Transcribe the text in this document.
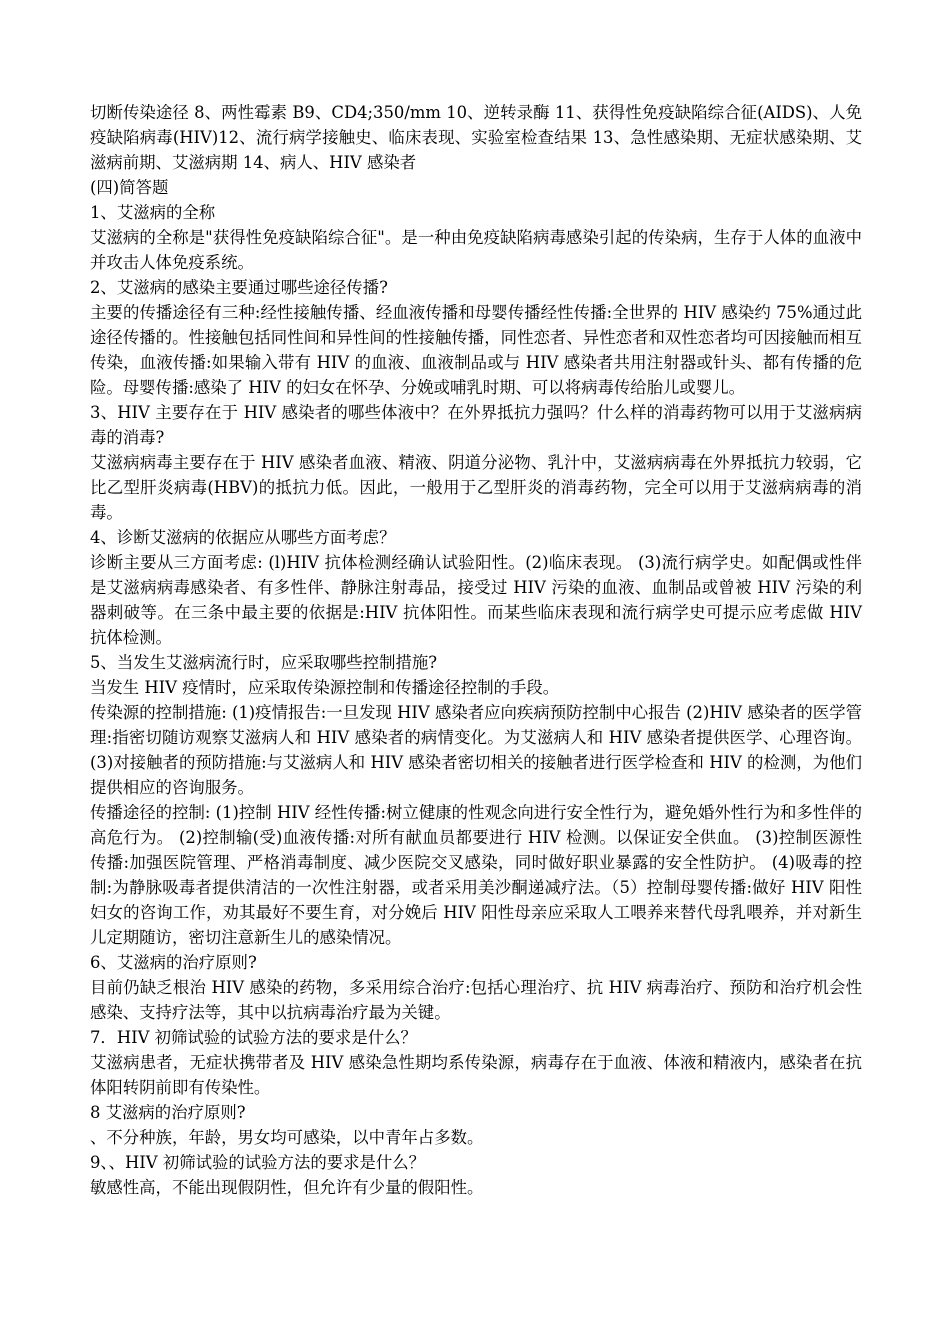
切断传染途径 8、两性霉素 B9、CD4;350/mm 10、逆转录酶 11、获得性免疫缺陷综合征(AIDS)、人免疫缺陷病毒(HIV)12、流行病学接触史、临床表现、实验室检查结果 13、急性感染期、无症状感染期、艾滋病前期、艾滋病期 14、病人、HIV 感染者

(四)简答题

1、艾滋病的全称

艾滋病的全称是"获得性免疫缺陷综合征"。是一种由免疫缺陷病毒感染引起的传染病，生存于人体的血液中并攻击人体免疫系统。

2、艾滋病的感染主要通过哪些途径传播?

主要的传播途径有三种:经性接触传播、经血液传播和母婴传播经性传播:全世界的 HIV 感染约 75%通过此途径传播的。性接触包括同性间和异性间的性接触传播，同性恋者、异性恋者和双性恋者均可因接触而相互传染，血液传播:如果输入带有 HIV 的血液、血液制品或与 HIV 感染者共用注射器或针头、都有传播的危险。母婴传播:感染了 HIV 的妇女在怀孕、分娩或哺乳时期、可以将病毒传给胎儿或婴儿。

3、HIV 主要存在于 HIV 感染者的哪些体液中？在外界抵抗力强吗？什么样的消毒药物可以用于艾滋病病毒的消毒?

艾滋病病毒主要存在于 HIV 感染者血液、精液、阴道分泌物、乳汁中，艾滋病病毒在外界抵抗力较弱，它比乙型肝炎病毒(HBV)的抵抗力低。因此，一般用于乙型肝炎的消毒药物，完全可以用于艾滋病病毒的消毒。

4、诊断艾滋病的依据应从哪些方面考虑？

诊断主要从三方面考虑: (l)HIV 抗体检测经确认试验阳性。(2)临床表现。 (3)流行病学史。如配偶或性伴是艾滋病病毒感染者、有多性伴、静脉注射毒品，接受过 HIV 污染的血液、血制品或曾被 HIV 污染的利器刺破等。在三条中最主要的依据是:HIV 抗体阳性。而某些临床表现和流行病学史可提示应考虑做 HIV 抗体检测。

5、当发生艾滋病流行时，应采取哪些控制措施?

当发生 HIV 疫情时，应采取传染源控制和传播途径控制的手段。

传染源的控制措施: (1)疫情报告:一旦发现 HIV 感染者应向疾病预防控制中心报告 (2)HIV 感染者的医学管理:指密切随访观察艾滋病人和 HIV 感染者的病情变化。为艾滋病人和 HIV 感染者提供医学、心理咨询。 (3)对接触者的预防措施:与艾滋病人和 HIV 感染者密切相关的接触者进行医学检查和 HIV 的检测，为他们提供相应的咨询服务。

传播途径的控制: (1)控制 HIV 经性传播:树立健康的性观念向进行安全性行为，避免婚外性行为和多性伴的高危行为。 (2)控制输(受)血液传播:对所有献血员都要进行 HIV 检测。以保证安全供血。 (3)控制医源性传播:加强医院管理、严格消毒制度、减少医院交叉感染，同时做好职业暴露的安全性防护。 (4)吸毒的控制:为静脉吸毒者提供清洁的一次性注射器，或者采用美沙酮递减疗法。（5）控制母婴传播:做好 HIV 阳性妇女的咨询工作，劝其最好不要生育，对分娩后 HIV 阳性母亲应采取人工喂养来替代母乳喂养，并对新生儿定期随访，密切注意新生儿的感染情况。

6、艾滋病的治疗原则?

目前仍缺乏根治 HIV 感染的药物，多采用综合治疗:包括心理治疗、抗 HIV 病毒治疗、预防和治疗机会性感染、支持疗法等，其中以抗病毒治疗最为关键。

7．HIV 初筛试验的试验方法的要求是什么？

艾滋病患者，无症状携带者及 HIV 感染急性期均系传染源，病毒存在于血液、体液和精液内，感染者在抗体阳转阴前即有传染性。

8 艾滋病的治疗原则?

、不分种族，年龄，男女均可感染，以中青年占多数。

9、、HIV 初筛试验的试验方法的要求是什么？

敏感性高，不能出现假阴性，但允许有少量的假阳性。
